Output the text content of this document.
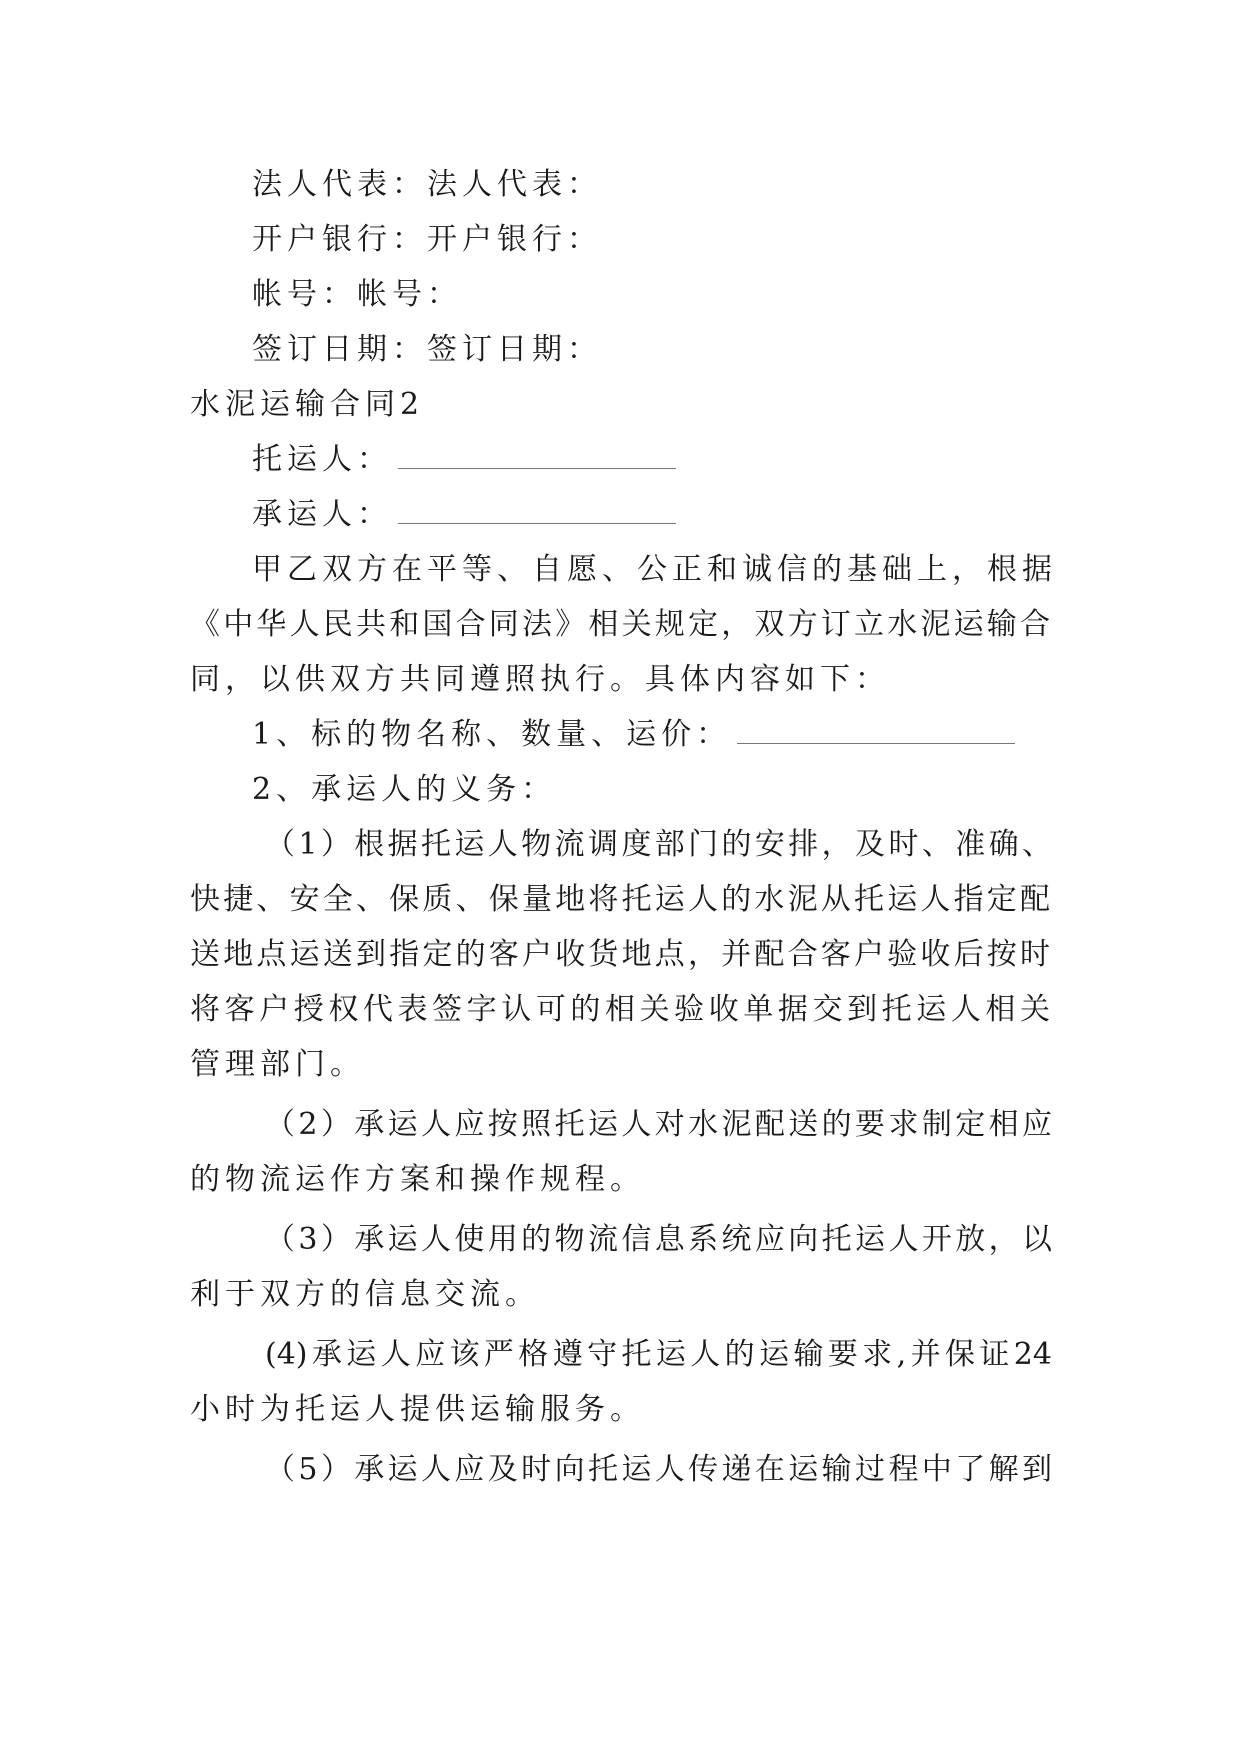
法人代表：法人代表：
开户银行：开户银行：
帐号：帐号：
签订日期：签订日期：
水泥运输合同2
托运人：
承运人：
甲乙双方在平等、自愿、公正和诚信的基础上，根据
《中华人民共和国合同法》相关规定，双方订立水泥运输合
同，以供双方共同遵照执行。具体内容如下：
1、标的物名称、数量、运价：
2、承运人的义务：
（1）根据托运人物流调度部门的安排，及时、准确、
快捷、安全、保质、保量地将托运人的水泥从托运人指定配
送地点运送到指定的客户收货地点，并配合客户验收后按时
将客户授权代表签字认可的相关验收单据交到托运人相关
管理部门。
（2）承运人应按照托运人对水泥配送的要求制定相应
的物流运作方案和操作规程。
（3）承运人使用的物流信息系统应向托运人开放，以
利于双方的信息交流。
(4)承运人应该严格遵守托运人的运输要求,并保证24
小时为托运人提供运输服务。
（5）承运人应及时向托运人传递在运输过程中了解到
